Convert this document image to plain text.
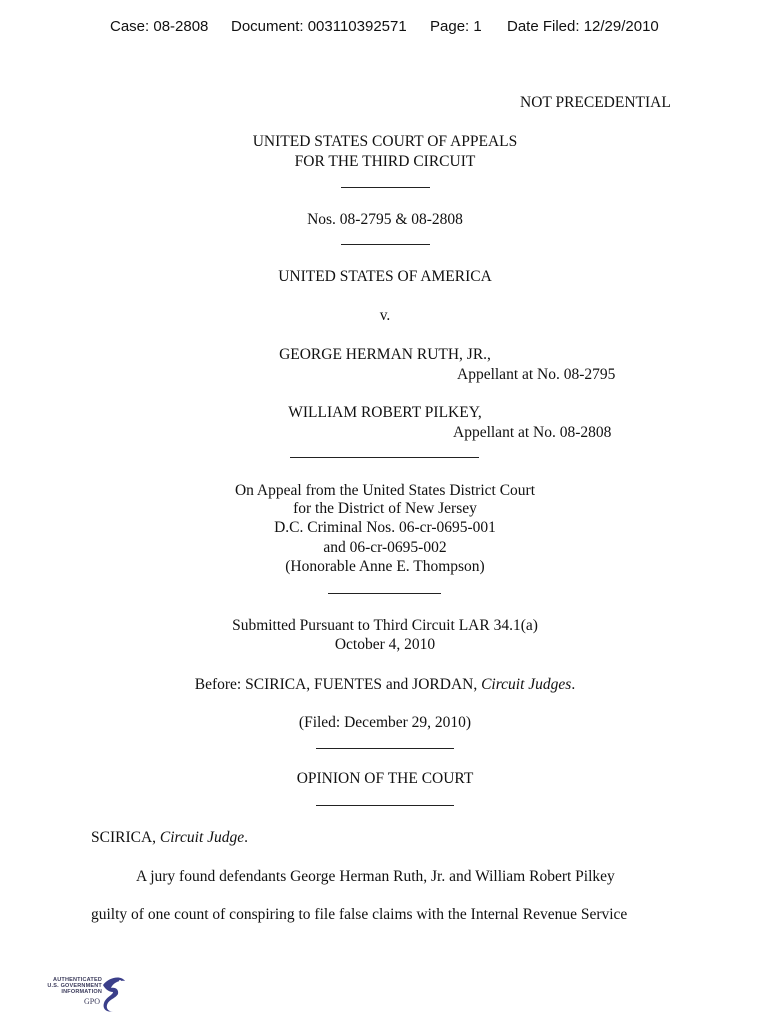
Case: 08-2808 Document: 003110392571 Page: 1 Date Filed: 12/29/2010
NOT PRECEDENTIAL
UNITED STATES COURT OF APPEALS
FOR THE THIRD CIRCUIT
Nos. 08-2795 & 08-2808
UNITED STATES OF AMERICA
v.
GEORGE HERMAN RUTH, JR.,
Appellant at No. 08-2795
WILLIAM ROBERT PILKEY,
Appellant at No. 08-2808
On Appeal from the United States District Court
for the District of New Jersey
D.C. Criminal Nos. 06-cr-0695-001
and 06-cr-0695-002
(Honorable Anne E. Thompson)
Submitted Pursuant to Third Circuit LAR 34.1(a)
October 4, 2010
Before: SCIRICA, FUENTES and JORDAN, Circuit Judges.
(Filed: December 29, 2010)
OPINION OF THE COURT
SCIRICA, Circuit Judge.
A jury found defendants George Herman Ruth, Jr. and William Robert Pilkey
guilty of one count of conspiring to file false claims with the Internal Revenue Service
AUTHENTICATED
U.S. GOVERNMENT
INFORMATION
GPO
